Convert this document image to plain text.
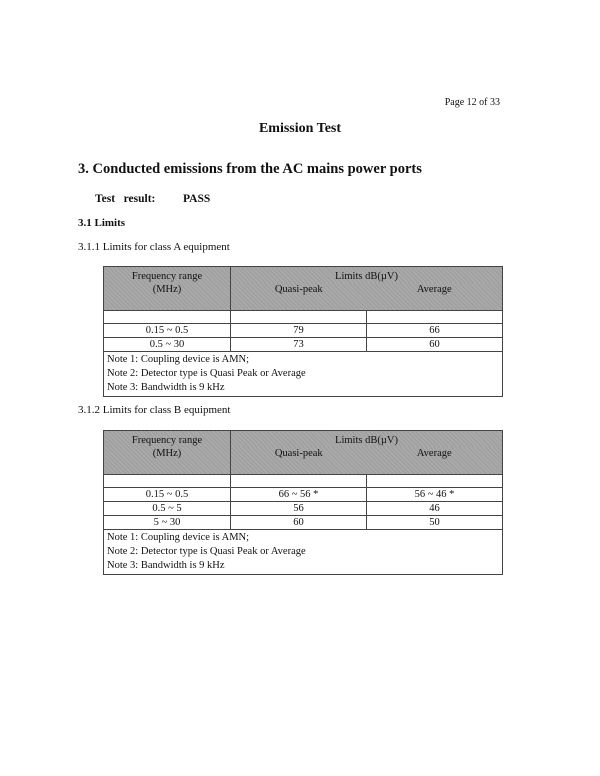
Page 12 of 33
Emission Test
3. Conducted emissions from the AC mains power ports
Test   result: PASS
3.1 Limits
3.1.1 Limits for class A equipment
Frequency range
(MHz)	Limits dB(µV)	
	Quasi-peak	Average

0.15 ~ 0.5	79	66
0.5 ~ 30	73	60

Note 1: Coupling device is AMN;
Note 2: Detector type is Quasi Peak or Average
Note 3: Bandwidth is 9 kHz		
3.1.2 Limits for class B equipment
Frequency range
(MHz)	Limits dB(µV)	
	Quasi-peak	Average

0.15 ~ 0.5	66 ~ 56 *	56 ~ 46 *
0.5 ~ 5	56	46
5 ~ 30	60	50

Note 1: Coupling device is AMN;
Note 2: Detector type is Quasi Peak or Average
Note 3: Bandwidth is 9 kHz		
